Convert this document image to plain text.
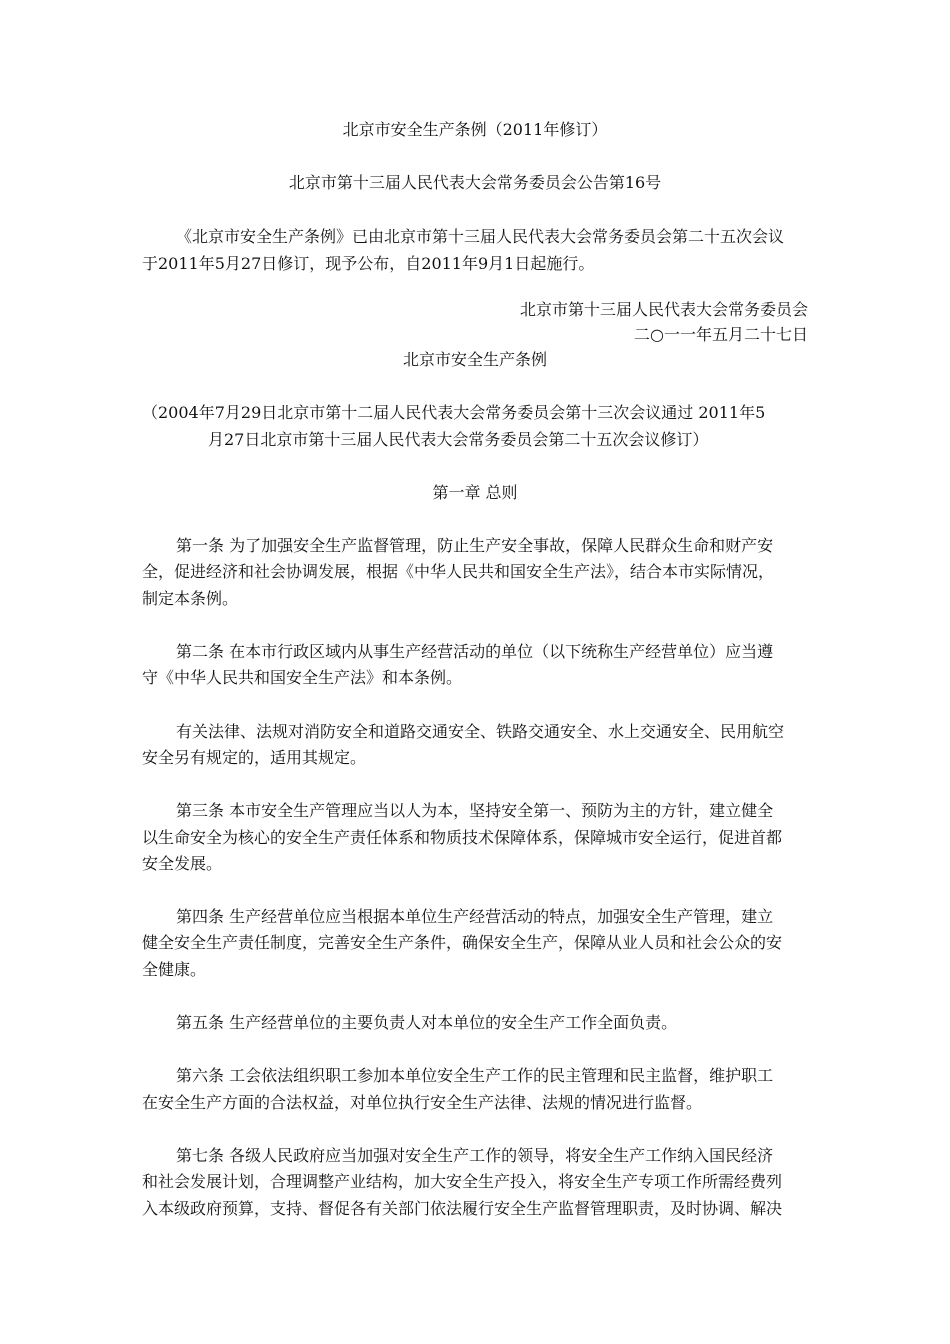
北京市安全生产条例（2011年修订）
北京市第十三届人民代表大会常务委员会公告第16号
《北京市安全生产条例》已由北京市第十三届人民代表大会常务委员会第二十五次会议
于2011年5月27日修订，现予公布，自2011年9月1日起施行。
北京市第十三届人民代表大会常务委员会
二○一一年五月二十七日
北京市安全生产条例
（2004年7月29日北京市第十二届人民代表大会常务委员会第十三次会议通过 2011年5
月27日北京市第十三届人民代表大会常务委员会第二十五次会议修订）
第一章 总则
第一条 为了加强安全生产监督管理，防止生产安全事故，保障人民群众生命和财产安
全，促进经济和社会协调发展，根据《中华人民共和国安全生产法》，结合本市实际情况，
制定本条例。
第二条 在本市行政区域内从事生产经营活动的单位（以下统称生产经营单位）应当遵
守《中华人民共和国安全生产法》和本条例。
有关法律、法规对消防安全和道路交通安全、铁路交通安全、水上交通安全、民用航空
安全另有规定的，适用其规定。
第三条 本市安全生产管理应当以人为本，坚持安全第一、预防为主的方针，建立健全
以生命安全为核心的安全生产责任体系和物质技术保障体系，保障城市安全运行，促进首都
安全发展。
第四条 生产经营单位应当根据本单位生产经营活动的特点，加强安全生产管理，建立
健全安全生产责任制度，完善安全生产条件，确保安全生产，保障从业人员和社会公众的安
全健康。
第五条 生产经营单位的主要负责人对本单位的安全生产工作全面负责。
第六条 工会依法组织职工参加本单位安全生产工作的民主管理和民主监督，维护职工
在安全生产方面的合法权益，对单位执行安全生产法律、法规的情况进行监督。
第七条 各级人民政府应当加强对安全生产工作的领导，将安全生产工作纳入国民经济
和社会发展计划，合理调整产业结构，加大安全生产投入，将安全生产专项工作所需经费列
入本级政府预算，支持、督促各有关部门依法履行安全生产监督管理职责，及时协调、解决
